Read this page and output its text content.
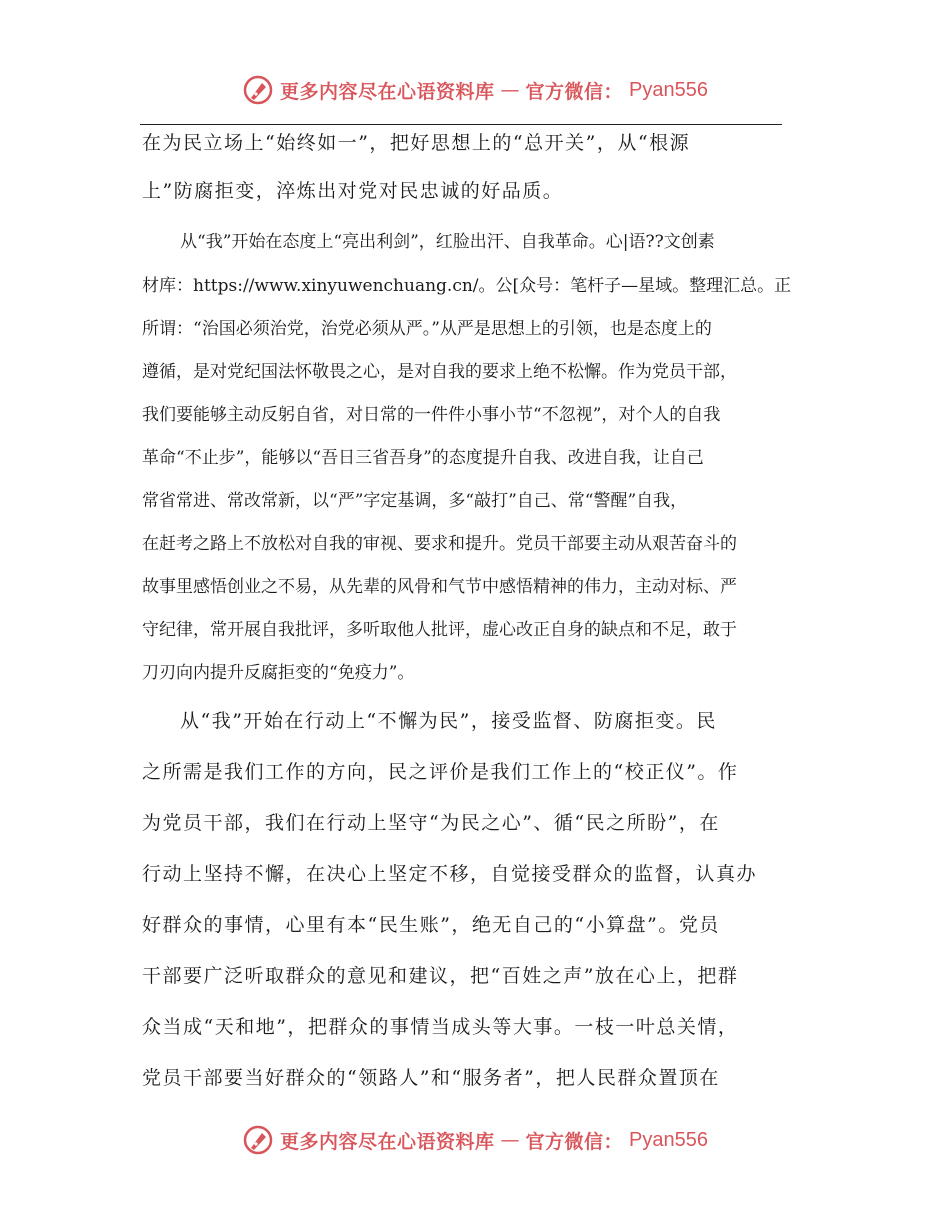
更多内容尽在心语资料库 — 官方微信： Pyan556
在为民立场上“始终如一”，把好思想上的“总开关”，从“根源
上”防腐拒变，淬炼出对党对民忠诚的好品质。
从“我”开始在态度上“亮出利剑”，红脸出汗、自我革命。心|语??文创素
材库：https://www.xinyuwenchuang.cn/。公[众号：笔杆子—星域。整理汇总。正
所谓：“治国必须治党，治党必须从严。”从严是思想上的引领，也是态度上的
遵循，是对党纪国法怀敬畏之心，是对自我的要求上绝不松懈。作为党员干部，
我们要能够主动反躬自省，对日常的一件件小事小节“不忽视”，对个人的自我
革命“不止步”，能够以“吾日三省吾身”的态度提升自我、改进自我，让自己
常省常进、常改常新，以“严”字定基调，多“敲打”自己、常“警醒”自我，
在赶考之路上不放松对自我的审视、要求和提升。党员干部要主动从艰苦奋斗的
故事里感悟创业之不易，从先辈的风骨和气节中感悟精神的伟力，主动对标、严
守纪律，常开展自我批评，多听取他人批评，虚心改正自身的缺点和不足，敢于
刀刃向内提升反腐拒变的“免疫力”。
从“我”开始在行动上“不懈为民”，接受监督、防腐拒变。民
之所需是我们工作的方向，民之评价是我们工作上的“校正仪”。作
为党员干部，我们在行动上坚守“为民之心”、循“民之所盼”，在
行动上坚持不懈，在决心上坚定不移，自觉接受群众的监督，认真办
好群众的事情，心里有本“民生账”，绝无自己的“小算盘”。党员
干部要广泛听取群众的意见和建议，把“百姓之声”放在心上，把群
众当成“天和地”，把群众的事情当成头等大事。一枝一叶总关情，
党员干部要当好群众的“领路人”和“服务者”，把人民群众置顶在
更多内容尽在心语资料库 — 官方微信： Pyan556
